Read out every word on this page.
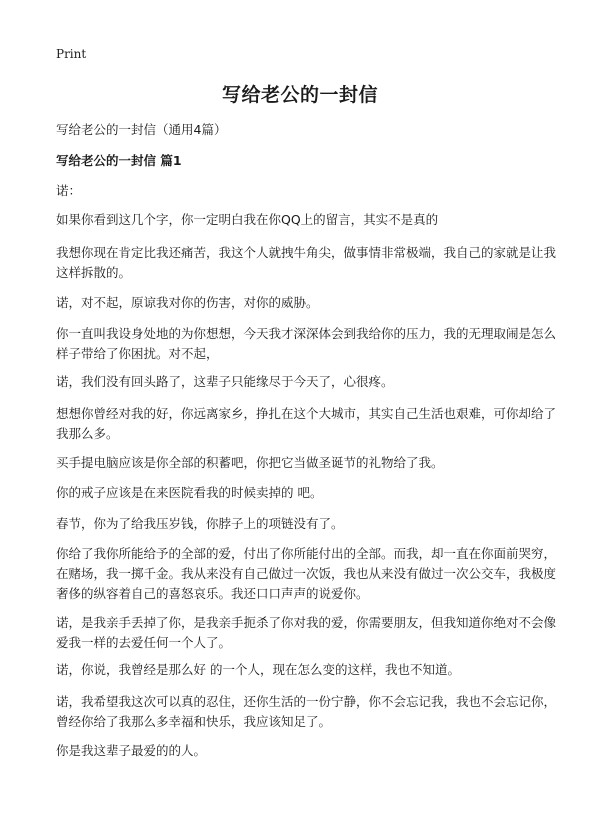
Print
写给老公的一封信
写给老公的一封信（通用4篇）
写给老公的一封信 篇1

诺：

如果你看到这几个字，你一定明白我在你QQ上的留言，其实不是真的

我想你现在肯定比我还痛苦，我这个人就拽牛角尖，做事情非常极端，我自己的家就是让我这样拆散的。

诺，对不起，原谅我对你的伤害，对你的威胁。

你一直叫我设身处地的为你想想，今天我才深深体会到我给你的压力，我的无理取闹是怎么样子带给了你困扰。对不起，

诺，我们没有回头路了，这辈子只能缘尽于今天了，心很疼。

想想你曾经对我的好，你远离家乡，挣扎在这个大城市，其实自己生活也艰难，可你却给了我那么多。

买手提电脑应该是你全部的积蓄吧，你把它当做圣诞节的礼物给了我。

你的戒子应该是在来医院看我的时候卖掉的 吧。

春节，你为了给我压岁钱，你脖子上的项链没有了。

你给了我你所能给予的全部的爱，付出了你所能付出的全部。而我，却一直在你面前哭穷，在赌场，我一掷千金。我从来没有自己做过一次饭，我也从来没有做过一次公交车，我极度奢侈的纵容着自己的喜怒哀乐。我还口口声声的说爱你。

诺，是我亲手丢掉了你，是我亲手扼杀了你对我的爱，你需要朋友，但我知道你绝对不会像爱我一样的去爱任何一个人了。

诺，你说，我曾经是那么好 的一个人，现在怎么变的这样，我也不知道。

诺，我希望我这次可以真的忍住，还你生活的一份宁静，你不会忘记我，我也不会忘记你，曾经你给了我那么多幸福和快乐，我应该知足了。

你是我这辈子最爱的的人。
